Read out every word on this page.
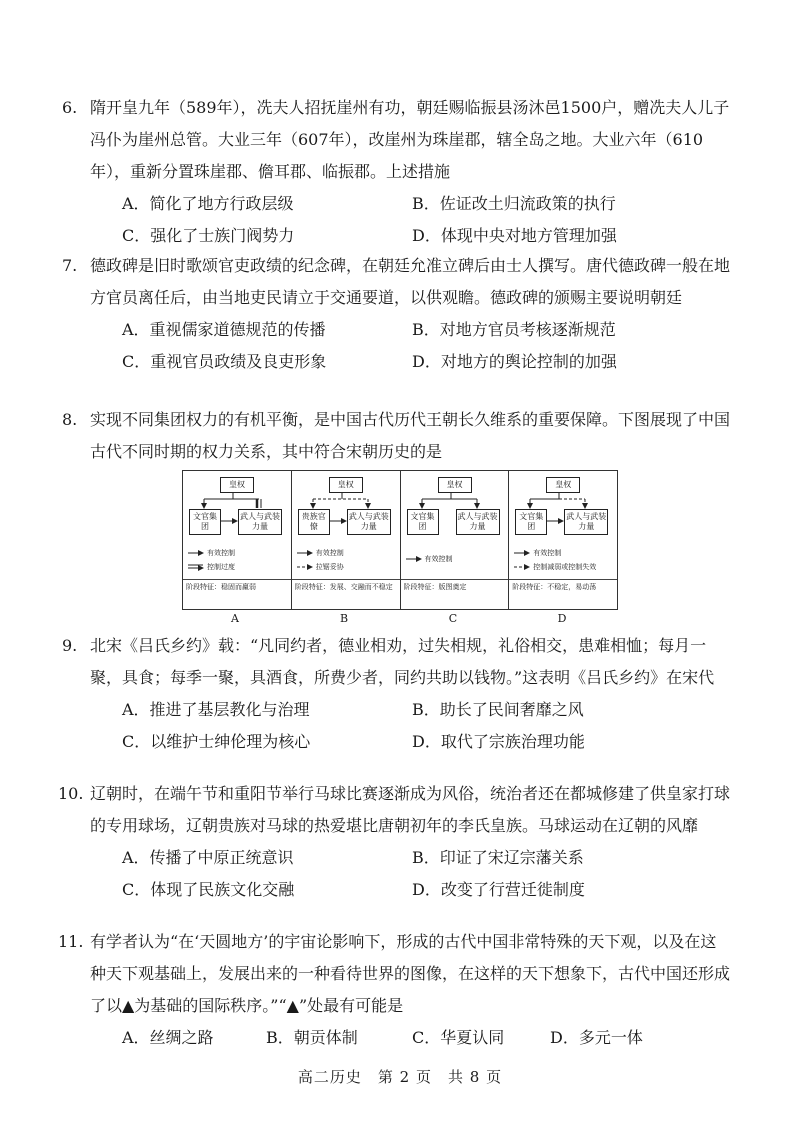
6. 隋开皇九年（589年），冼夫人招抚崖州有功，朝廷赐临振县汤沐邑1500户，赠冼夫人儿子冯仆为崖州总管。大业三年（607年），改崖州为珠崖郡，辖全岛之地。大业六年（610年），重新分置珠崖郡、儋耳郡、临振郡。上述措施
A．简化了地方行政层级	B．佐证改土归流政策的执行
C．强化了士族门阀势力	D．体现中央对地方管理加强
7. 德政碑是旧时歌颂官吏政绩的纪念碑，在朝廷允准立碑后由士人撰写。唐代德政碑一般在地方官员离任后，由当地吏民请立于交通要道，以供观瞻。德政碑的颁赐主要说明朝廷
A．重视儒家道德规范的传播	B．对地方官员考核逐渐规范
C．重视官员政绩及良吏形象	D．对地方的舆论控制的加强
8. 实现不同集团权力的有机平衡，是中国古代历代王朝长久维系的重要保障。下图展现了中国古代不同时期的权力关系，其中符合宋朝历史的是
皇权
文官集团
武人与武装力量
有效控制
控制过度
阶段特征：稳固而羸弱
皇权
贵族官僚
武人与武装力量
有效控制
拉锯妥协
阶段特征：发展、交融而不稳定
皇权
文官集团
武人与武装力量
有效控制
阶段特征：版图奠定
皇权
文官集团
武人与武装力量
有效控制
控制减弱或控制失效
阶段特征：不稳定，易动荡
A	B	C	D
9. 北宋《吕氏乡约》载：“凡同约者，德业相劝，过失相规，礼俗相交，患难相恤；每月一聚，具食；每季一聚，具酒食，所费少者，同约共助以钱物。”这表明《吕氏乡约》在宋代
A．推进了基层教化与治理	B．助长了民间奢靡之风
C．以维护士绅伦理为核心	D．取代了宗族治理功能
10. 辽朝时，在端午节和重阳节举行马球比赛逐渐成为风俗，统治者还在都城修建了供皇家打球的专用球场，辽朝贵族对马球的热爱堪比唐朝初年的李氏皇族。马球运动在辽朝的风靡
A．传播了中原正统意识	B．印证了宋辽宗藩关系
C．体现了民族文化交融	D．改变了行营迁徙制度
11. 有学者认为“在‘天圆地方’的宇宙论影响下，形成的古代中国非常特殊的天下观，以及在这种天下观基础上，发展出来的一种看待世界的图像，在这样的天下想象下，古代中国还形成了以▲为基础的国际秩序。”“▲”处最有可能是
A．丝绸之路	B．朝贡体制	C．华夏认同	D．多元一体
高二历史　第 2 页　共 8 页
